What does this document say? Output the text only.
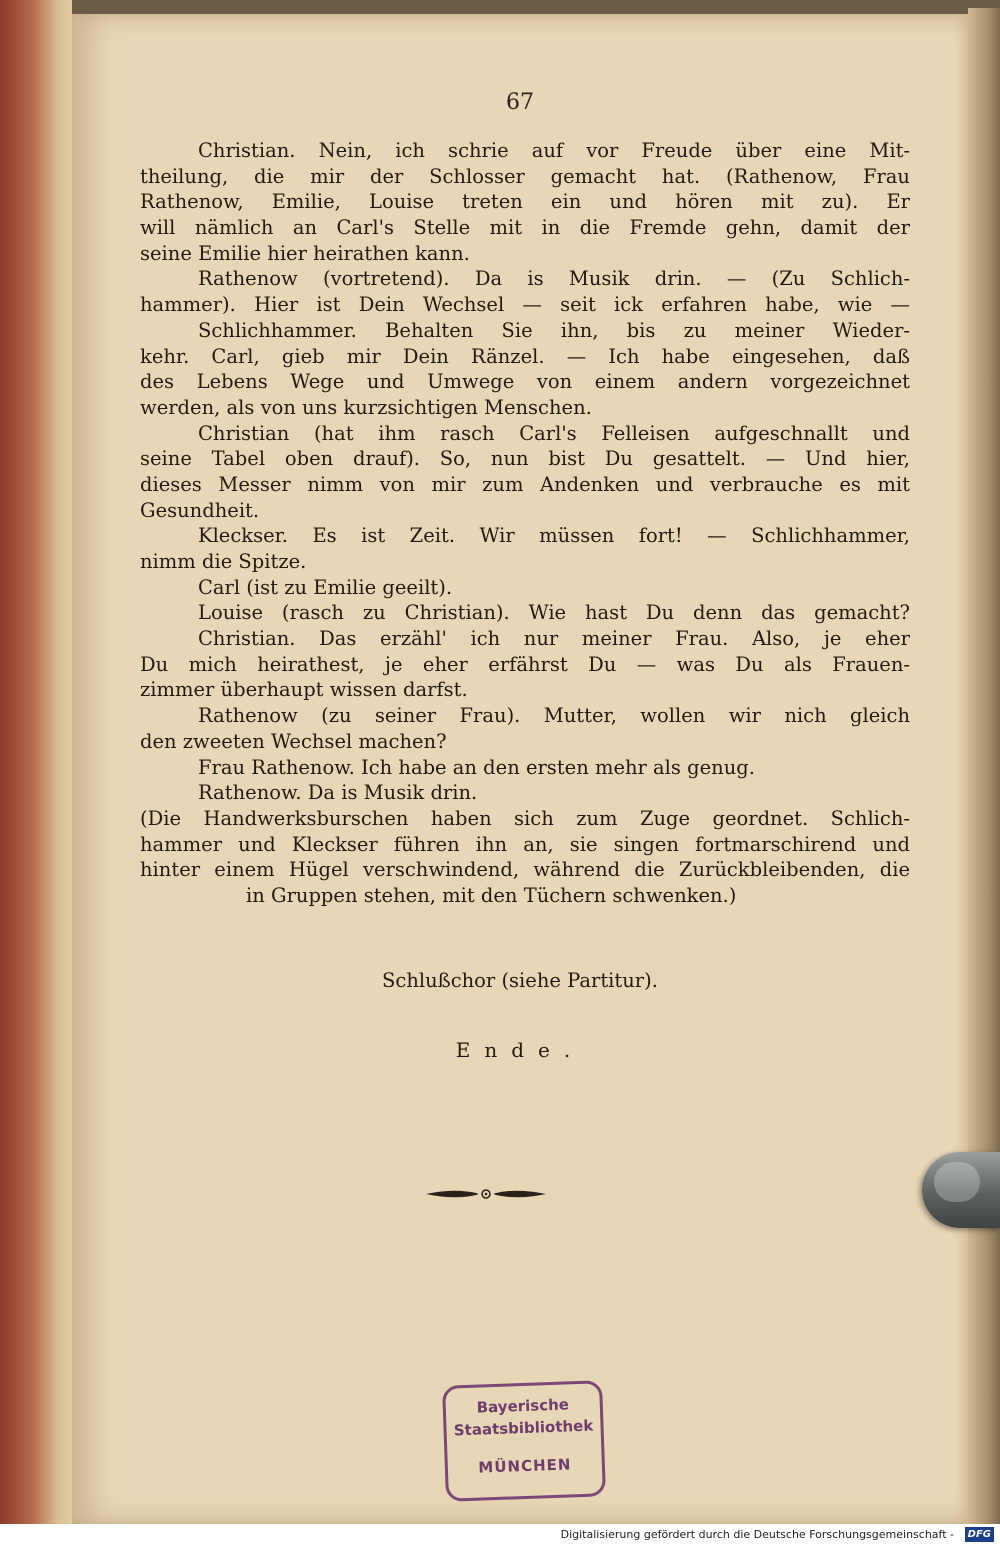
67
Christian. Nein, ich schrie auf vor Freude über eine Mit-
theilung, die mir der Schlosser gemacht hat. (Rathenow, Frau
Rathenow, Emilie, Louise treten ein und hören mit zu). Er
will nämlich an Carl's Stelle mit in die Fremde gehn, damit der
seine Emilie hier heirathen kann.
Rathenow (vortretend). Da is Musik drin. — (Zu Schlich-
hammer). Hier ist Dein Wechsel — seit ick erfahren habe, wie —
Schlichhammer. Behalten Sie ihn, bis zu meiner Wieder-
kehr. Carl, gieb mir Dein Ränzel. — Ich habe eingesehen, daß
des Lebens Wege und Umwege von einem andern vorgezeichnet
werden, als von uns kurzsichtigen Menschen.
Christian (hat ihm rasch Carl's Felleisen aufgeschnallt und
seine Tabel oben drauf). So, nun bist Du gesattelt. — Und hier,
dieses Messer nimm von mir zum Andenken und verbrauche es mit
Gesundheit.
Kleckser. Es ist Zeit. Wir müssen fort! — Schlichhammer,
nimm die Spitze.
Carl (ist zu Emilie geeilt).
Louise (rasch zu Christian). Wie hast Du denn das gemacht?
Christian. Das erzähl' ich nur meiner Frau. Also, je eher
Du mich heirathest, je eher erfährst Du — was Du als Frauen-
zimmer überhaupt wissen darfst.
Rathenow (zu seiner Frau). Mutter, wollen wir nich gleich
den zweeten Wechsel machen?
Frau Rathenow. Ich habe an den ersten mehr als genug.
Rathenow. Da is Musik drin.
(Die Handwerksburschen haben sich zum Zuge geordnet. Schlich-
hammer und Kleckser führen ihn an, sie singen fortmarschirend und
hinter einem Hügel verschwindend, während die Zurückbleibenden, die
in Gruppen stehen, mit den Tüchern schwenken.)
Schlußchor (siehe Partitur).
Ende.
Bayerische
Staatsbibliothek
MÜNCHEN
Digitalisierung gefördert durch die Deutsche Forschungsgemeinschaft -	DFG
